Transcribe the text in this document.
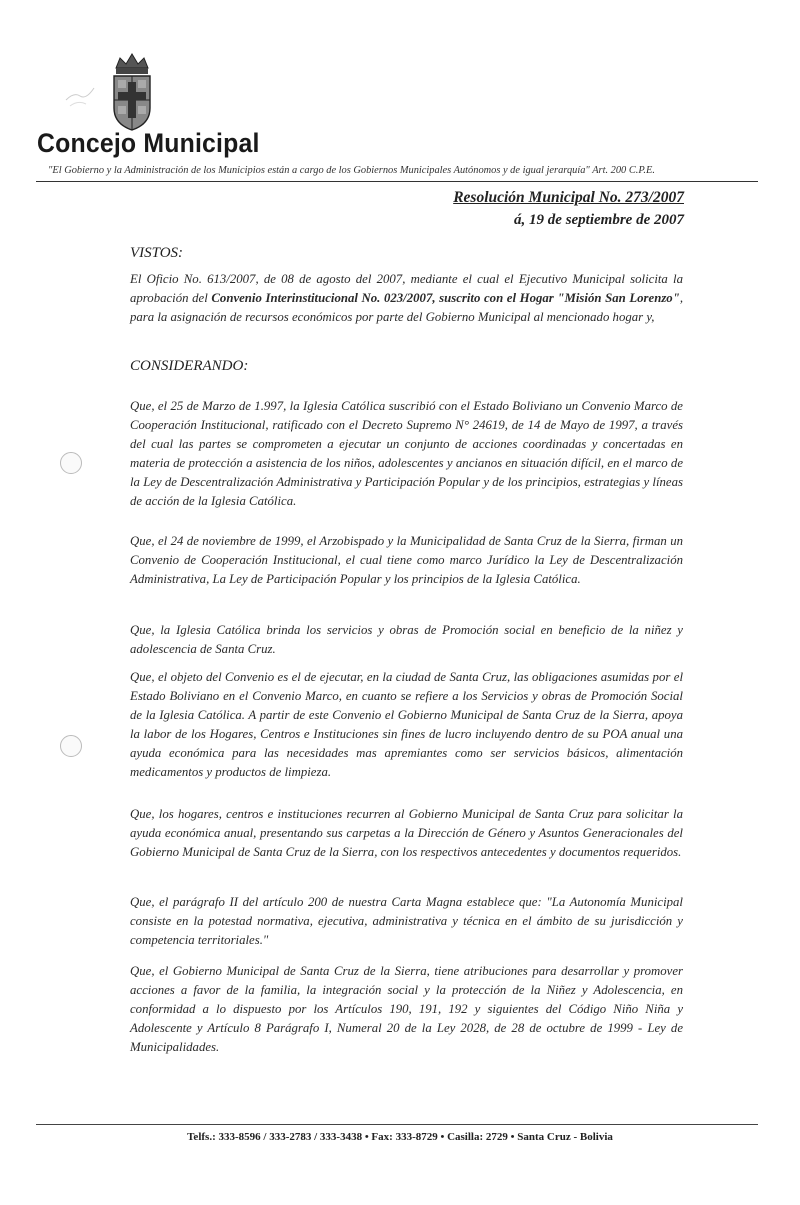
Concejo Municipal
"El Gobierno y la Administración de los Municipios están a cargo de los Gobiernos Municipales Autónomos y de igual jerarquía" Art. 200 C.P.E.
Resolución Municipal No. 273/2007
á, 19 de septiembre de 2007
VISTOS:

El Oficio No. 613/2007, de 08 de agosto del 2007, mediante el cual el Ejecutivo Municipal solicita la aprobación del Convenio Interinstitucional No. 023/2007, suscrito con el Hogar "Misión San Lorenzo", para la asignación de recursos económicos por parte del Gobierno Municipal al mencionado hogar y,

CONSIDERANDO:

Que, el 25 de Marzo de 1.997, la Iglesia Católica suscribió con el Estado Boliviano un Convenio Marco de Cooperación Institucional, ratificado con el Decreto Supremo N° 24619, de 14 de Mayo de 1997, a través del cual las partes se comprometen a ejecutar un conjunto de acciones coordinadas y concertadas en materia de protección a asistencia de los niños, adolescentes y ancianos en situación difícil, en el marco de la Ley de Descentralización Administrativa y Participación Popular y de los principios, estrategias y líneas de acción de la Iglesia Católica.

Que, el 24 de noviembre de 1999, el Arzobispado y la Municipalidad de Santa Cruz de la Sierra, firman un Convenio de Cooperación Institucional, el cual tiene como marco Jurídico la Ley de Descentralización Administrativa, La Ley de Participación Popular y los principios de la Iglesia Católica.

Que, la Iglesia Católica brinda los servicios y obras de Promoción social en beneficio de la niñez y adolescencia de Santa Cruz.

Que, el objeto del Convenio es el de ejecutar, en la ciudad de Santa Cruz, las obligaciones asumidas por el Estado Boliviano en el Convenio Marco, en cuanto se refiere a los Servicios y obras de Promoción Social de la Iglesia Católica. A partir de este Convenio el Gobierno Municipal de Santa Cruz de la Sierra, apoya la labor de los Hogares, Centros e Instituciones sin fines de lucro incluyendo dentro de su POA anual una ayuda económica para las necesidades mas apremiantes como ser servicios básicos, alimentación medicamentos y productos de limpieza.

Que, los hogares, centros e instituciones recurren al Gobierno Municipal de Santa Cruz para solicitar la ayuda económica anual, presentando sus carpetas a la Dirección de Género y Asuntos Generacionales del Gobierno Municipal de Santa Cruz de la Sierra, con los respectivos antecedentes y documentos requeridos.

Que, el parágrafo II del artículo 200 de nuestra Carta Magna establece que: "La Autonomía Municipal consiste en la potestad normativa, ejecutiva, administrativa y técnica en el ámbito de su jurisdicción y competencia territoriales."

Que, el Gobierno Municipal de Santa Cruz de la Sierra, tiene atribuciones para desarrollar y promover acciones a favor de la familia, la integración social y la protección de la Niñez y Adolescencia, en conformidad a lo dispuesto por los Artículos 190, 191, 192 y siguientes del Código Niño Niña y Adolescente y Artículo 8 Parágrafo I, Numeral 20 de la Ley 2028, de 28 de octubre de 1999 - Ley de Municipalidades.

Telfs.: 333-8596 / 333-2783 / 333-3438 • Fax: 333-8729 • Casilla: 2729 • Santa Cruz - Bolivia
